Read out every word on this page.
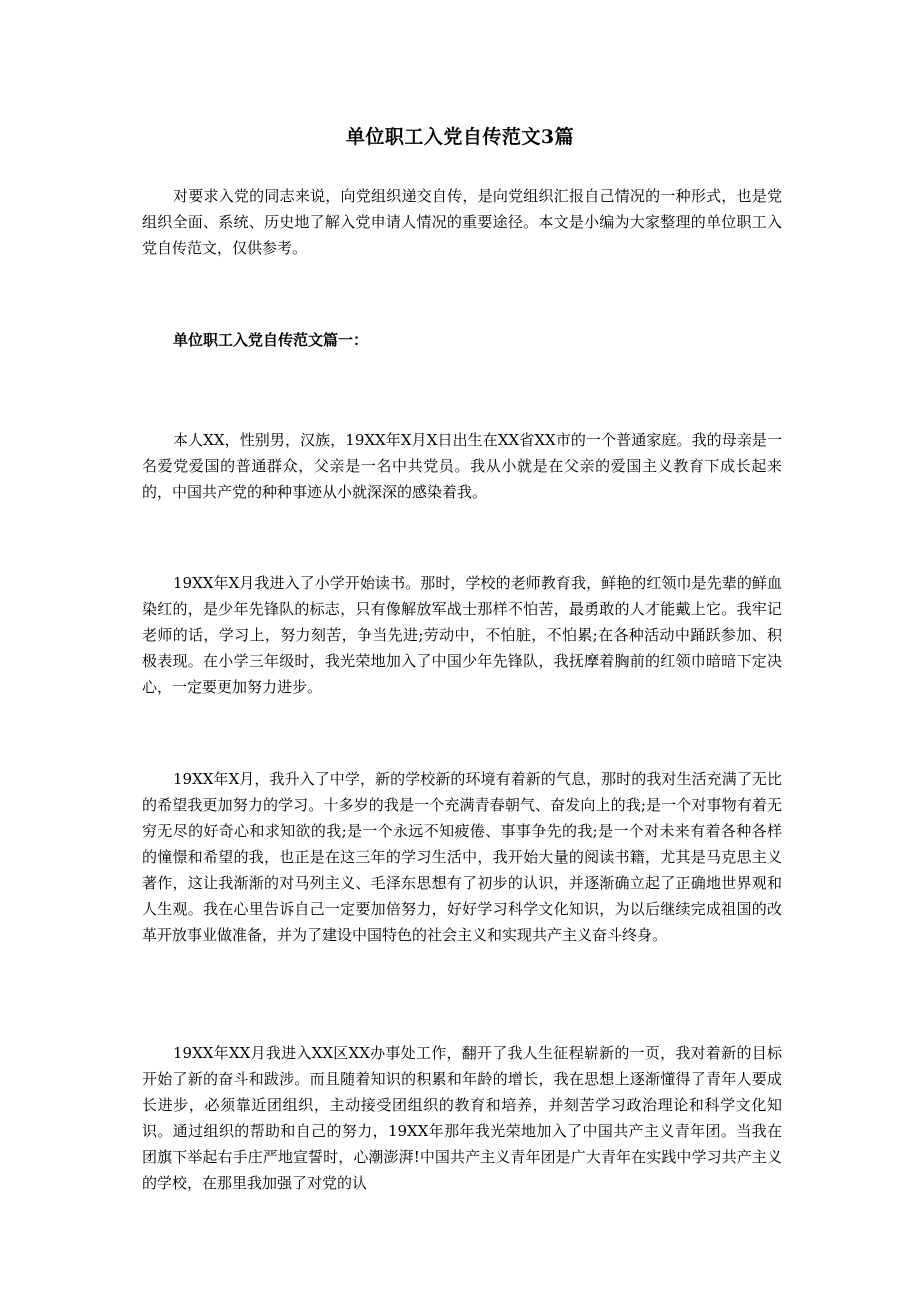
单位职工入党自传范文3篇

对要求入党的同志来说，向党组织递交自传，是向党组织汇报自己情况的一种形式，也是党组织全面、系统、历史地了解入党申请人情况的重要途径。本文是小编为大家整理的单位职工入党自传范文，仅供参考。

单位职工入党自传范文篇一：

本人XX，性别男，汉族，19XX年X月X日出生在XX省XX市的一个普通家庭。我的母亲是一名爱党爱国的普通群众，父亲是一名中共党员。我从小就是在父亲的爱国主义教育下成长起来的，中国共产党的种种事迹从小就深深的感染着我。

19XX年X月我进入了小学开始读书。那时，学校的老师教育我，鲜艳的红领巾是先辈的鲜血染红的，是少年先锋队的标志，只有像解放军战士那样不怕苦，最勇敢的人才能戴上它。我牢记老师的话，学习上，努力刻苦，争当先进;劳动中，不怕脏，不怕累;在各种活动中踊跃参加、积极表现。在小学三年级时，我光荣地加入了中国少年先锋队，我抚摩着胸前的红领巾暗暗下定决心，一定要更加努力进步。

19XX年X月，我升入了中学，新的学校新的环境有着新的气息，那时的我对生活充满了无比的希望我更加努力的学习。十多岁的我是一个充满青春朝气、奋发向上的我;是一个对事物有着无穷无尽的好奇心和求知欲的我;是一个永远不知疲倦、事事争先的我;是一个对未来有着各种各样的憧憬和希望的我，也正是在这三年的学习生活中，我开始大量的阅读书籍，尤其是马克思主义著作，这让我渐渐的对马列主义、毛泽东思想有了初步的认识，并逐渐确立起了正确地世界观和人生观。我在心里告诉自己一定要加倍努力，好好学习科学文化知识，为以后继续完成祖国的改革开放事业做准备，并为了建设中国特色的社会主义和实现共产主义奋斗终身。

19XX年XX月我进入XX区XX办事处工作，翻开了我人生征程崭新的一页，我对着新的目标开始了新的奋斗和跋涉。而且随着知识的积累和年龄的增长，我在思想上逐渐懂得了青年人要成长进步，必须靠近团组织，主动接受团组织的教育和培养，并刻苦学习政治理论和科学文化知识。通过组织的帮助和自己的努力，19XX年那年我光荣地加入了中国共产主义青年团。当我在团旗下举起右手庄严地宣誓时，心潮澎湃!中国共产主义青年团是广大青年在实践中学习共产主义的学校，在那里我加强了对党的认
